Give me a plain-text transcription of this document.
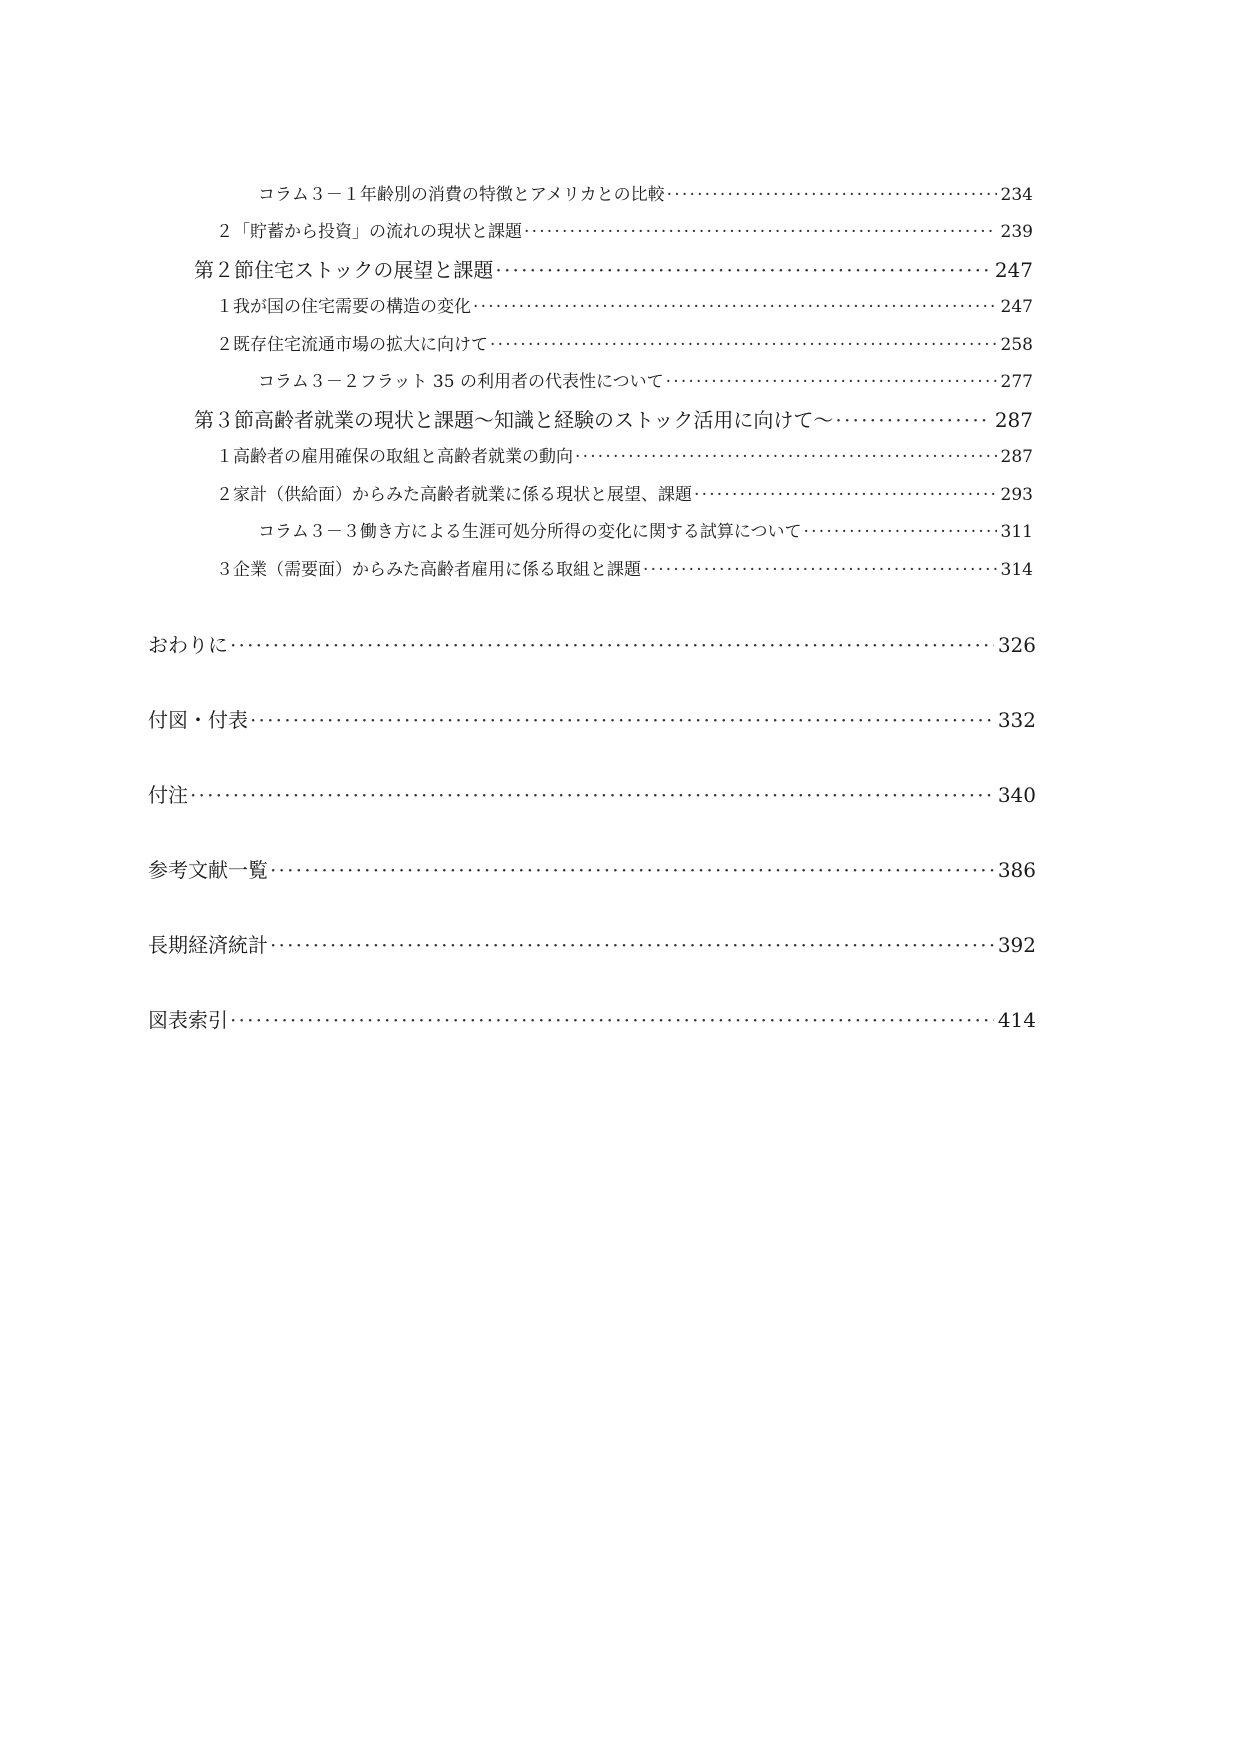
コラム３－１ 年齢別の消費の特徴とアメリカとの比較 ·····	234
２ 「貯蓄から投資」の流れの現状と課題 ·····	239
第２節 住宅ストックの展望と課題 ·····	247
１ 我が国の住宅需要の構造の変化 ·····	247
２ 既存住宅流通市場の拡大に向けて ·····	258
コラム３－２ フラット 35 の利用者の代表性について ·····	277
第３節 高齢者就業の現状と課題～知識と経験のストック活用に向けて～ ·····	287
１ 高齢者の雇用確保の取組と高齢者就業の動向 ·····	287
２ 家計（供給面）からみた高齢者就業に係る現状と展望、課題 ·····	293
コラム３－３ 働き方による生涯可処分所得の変化に関する試算について ·····	311
３ 企業（需要面）からみた高齢者雇用に係る取組と課題 ·····	314
おわりに ·····	326
付図・付表 ·····	332
付注 ·····	340
参考文献一覧 ·····	386
長期経済統計 ·····	392
図表索引 ·····	414
